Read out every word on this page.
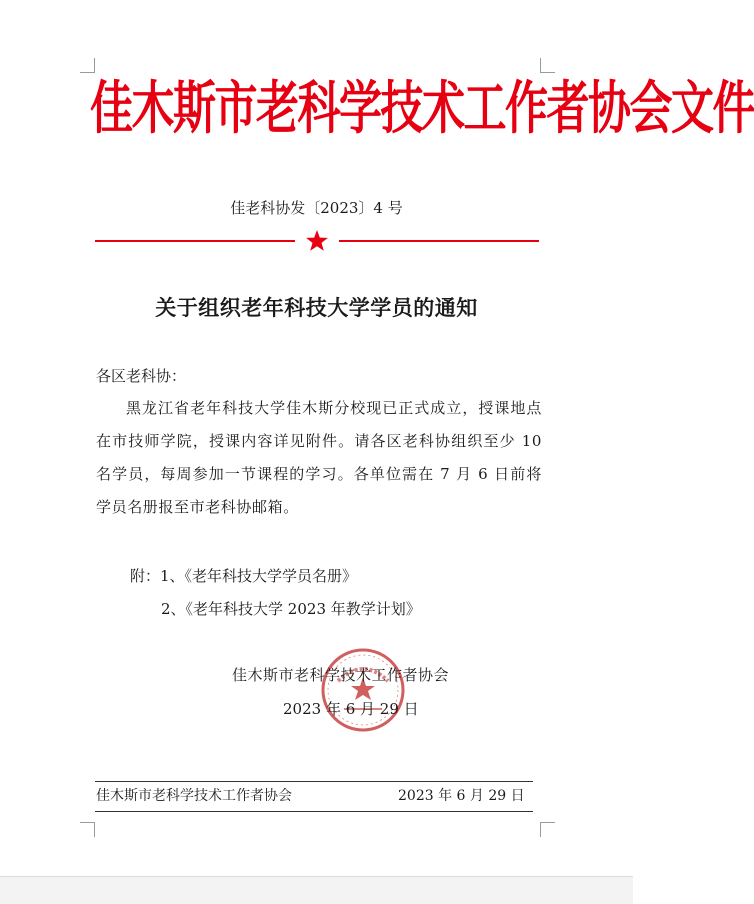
佳木斯市老科学技术工作者协会文件
佳老科协发〔2023〕4 号
关于组织老年科技大学学员的通知
各区老科协：
黑龙江省老年科技大学佳木斯分校现已正式成立，授课地点在市技师学院，授课内容详见附件。请各区老科协组织至少 10 名学员，每周参加一节课程的学习。各单位需在 7 月 6 日前将学员名册报至市老科协邮箱。
附：1、《老年科技大学学员名册》
2、《老年科技大学 2023 年教学计划》
佳木斯市老科学技术工作者协会
2023 年 6 月 29 日
佳木斯市老科学技术工作者协会	2023 年 6 月 29 日
